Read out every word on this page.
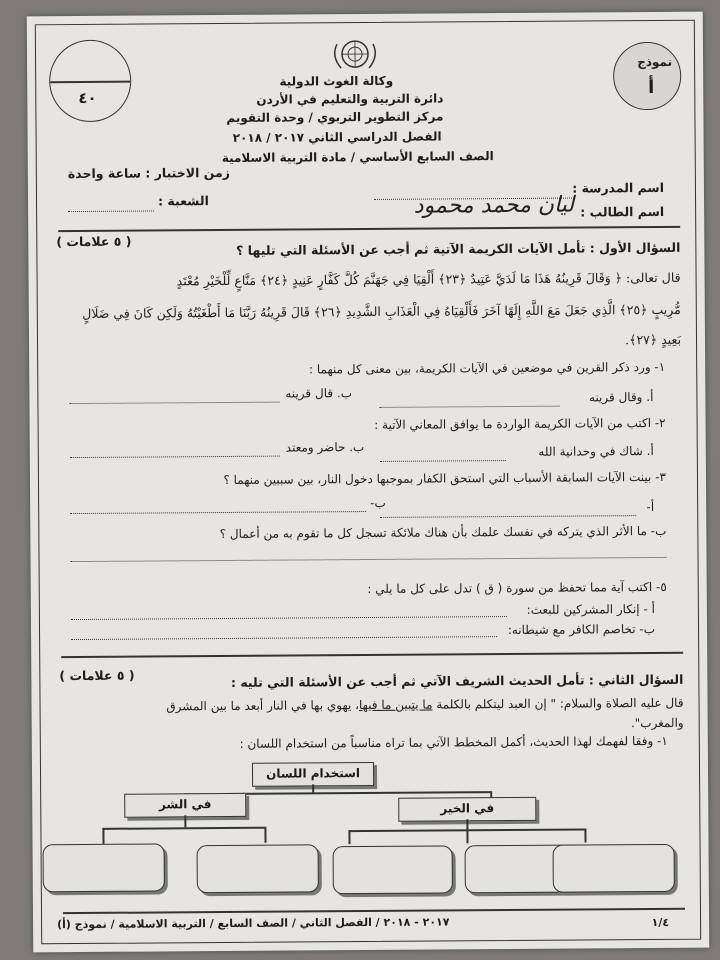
نموذج
أ
٤٠
وكالة الغوث الدولية
دائرة التربية والتعليم في الأردن
مركز التطوير التربوي / وحدة التقويم
الفصل الدراسي الثاني ٢٠١٧ / ٢٠١٨
الصف السابع الأساسي / مادة التربية الاسلامية
اسم المدرسة :
اسم الطالب :
ليان محمد محمود
زمن الاختبار : ساعة واحدة
الشعبة :
السؤال الأول : تأمل الآيات الكريمة الآتية ثم أجب عن الأسئلة التي تليها ؟
( ٥ علامات )
قال تعالى: ﴿ وَقَالَ قَرِينُهُ هَذَا مَا لَدَيَّ عَتِيدٌ ﴿٢٣﴾ أَلْقِيَا فِي جَهَنَّمَ كُلَّ كَفَّارٍ عَنِيدٍ ﴿٢٤﴾ مَنَّاعٍ لِّلْخَيْرِ مُعْتَدٍ
مُّرِيبٍ ﴿٢٥﴾ الَّذِي جَعَلَ مَعَ اللَّهِ إِلَهًا آخَرَ فَأَلْقِيَاهُ فِي الْعَذَابِ الشَّدِيدِ ﴿٢٦﴾ قَالَ قَرِينُهُ رَبَّنَا مَا أَطْغَيْتُهُ وَلَكِن كَانَ فِي ضَلَالٍ
بَعِيدٍ ﴿٢٧﴾.
١- ورد ذكر القرين في موضعين في الآيات الكريمة، بين معنى كل منهما :
أ. وقال قرينه
ب. قال قرينه
٢- اكتب من الآيات الكريمة الواردة ما يوافق المعاني الآتية :
أ. شاك في وحدانية الله
ب. حاضر ومعتد
٣- بينت الآيات السابقة الأسباب التي استحق الكفار بموجبها دخول النار، بين سببين منهما ؟
أ-
ب-
ب- ما الأثر الذي يتركه في نفسك علمك بأن هناك ملائكة تسجل كل ما تقوم به من أعمال ؟
٥- اكتب آية مما تحفظ من سورة ( ق ) تدل على كل ما يلي :
أ - إنكار المشركين للبعث:
ب- تخاصم الكافر مع شيطانه:
السؤال الثاني : تأمل الحديث الشريف الآتي ثم أجب عن الأسئلة التي تليه :
( ٥ علامات )
قال عليه الصلاة والسلام: " إن العبد ليتكلم بالكلمة ما يتبين ما فيها، يهوي بها في النار أبعد ما بين المشرق
والمغرب".
١- وفقا لفهمك لهذا الحديث، أكمل المخطط الآتي بما تراه مناسباً من استخدام اللسان :
استخدام اللسان
في الخير
في الشر
٢٠١٧ - ٢٠١٨ / الفصل الثاني / الصف السابع / التربية الاسلامية / نموذج (أ)	١/٤
